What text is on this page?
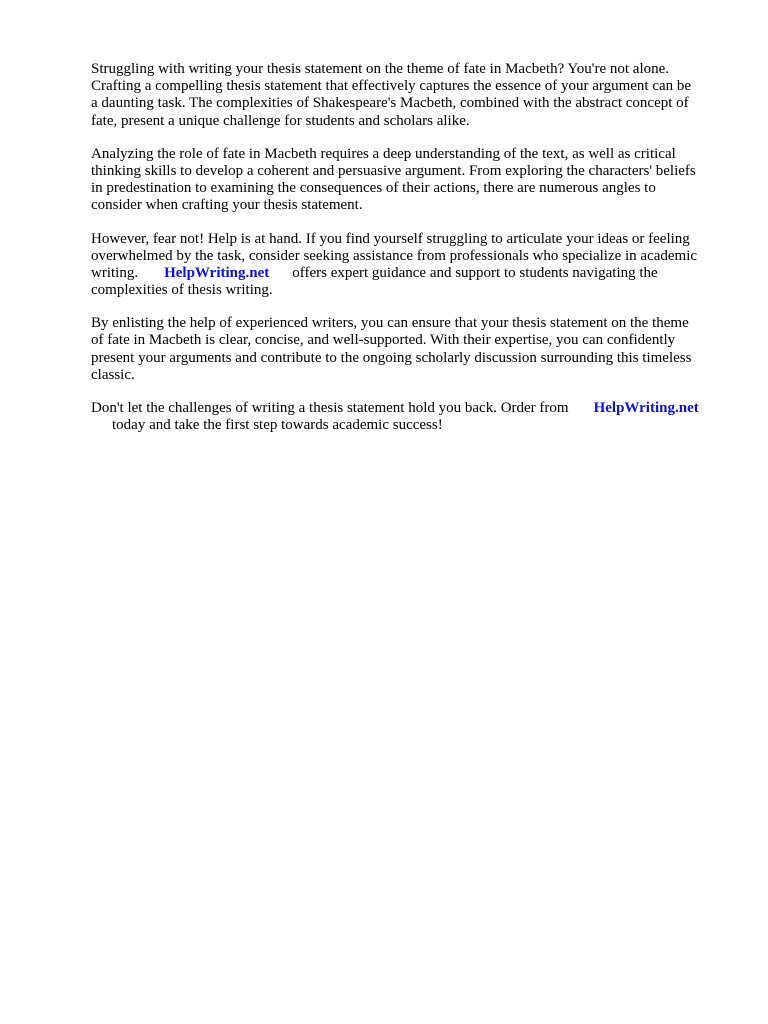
Struggling with writing your thesis statement on the theme of fate in Macbeth? You're not alone.
Crafting a compelling thesis statement that effectively captures the essence of your argument can be
a daunting task. The complexities of Shakespeare's Macbeth, combined with the abstract concept of
fate, present a unique challenge for students and scholars alike.

Analyzing the role of fate in Macbeth requires a deep understanding of the text, as well as critical
thinking skills to develop a coherent and persuasive argument. From exploring the characters' beliefs
in predestination to examining the consequences of their actions, there are numerous angles to
consider when crafting your thesis statement.

However, fear not! Help is at hand. If you find yourself struggling to articulate your ideas or feeling
overwhelmed by the task, consider seeking assistance from professionals who specialize in academic
writing. HelpWriting.net offers expert guidance and support to students navigating the
complexities of thesis writing.

By enlisting the help of experienced writers, you can ensure that your thesis statement on the theme
of fate in Macbeth is clear, concise, and well-supported. With their expertise, you can confidently
present your arguments and contribute to the ongoing scholarly discussion surrounding this timeless
classic.

Don't let the challenges of writing a thesis statement hold you back. Order from HelpWriting.net
today and take the first step towards academic success!
